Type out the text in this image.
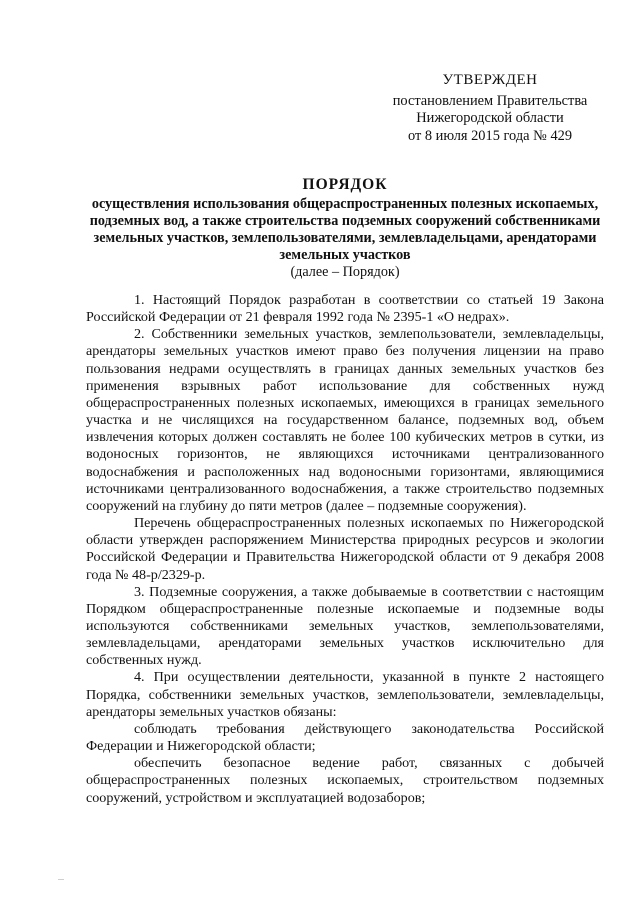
УТВЕРЖДЕН
постановлением Правительства
Нижегородской области
от 8 июля 2015 года № 429
ПОРЯДОК
осуществления использования общераспространенных полезных ископаемых, подземных вод, а также строительства подземных сооружений собственниками земельных участков, землепользователями, землевладельцами, арендаторами земельных участков
(далее – Порядок)

1. Настоящий Порядок разработан в соответствии со статьей 19 Закона Российской Федерации от 21 февраля 1992 года № 2395-1 «О недрах».

2. Собственники земельных участков, землепользователи, землевладельцы, арендаторы земельных участков имеют право без получения лицензии на право пользования недрами осуществлять в границах данных земельных участков без применения взрывных работ использование для собственных нужд общераспространенных полезных ископаемых, имеющихся в границах земельного участка и не числящихся на государственном балансе, подземных вод, объем извлечения которых должен составлять не более 100 кубических метров в сутки, из водоносных горизонтов, не являющихся источниками централизованного водоснабжения и расположенных над водоносными горизонтами, являющимися источниками централизованного водоснабжения, а также строительство подземных сооружений на глубину до пяти метров (далее – подземные сооружения).

Перечень общераспространенных полезных ископаемых по Нижегородской области утвержден распоряжением Министерства природных ресурсов и экологии Российской Федерации и Правительства Нижегородской области от 9 декабря 2008 года № 48-р/2329-р.

3. Подземные сооружения, а также добываемые в соответствии с настоящим Порядком общераспространенные полезные ископаемые и подземные воды используются собственниками земельных участков, землепользователями, землевладельцами, арендаторами земельных участков исключительно для собственных нужд.

4. При осуществлении деятельности, указанной в пункте 2 настоящего Порядка, собственники земельных участков, землепользователи, землевладельцы, арендаторы земельных участков обязаны:

соблюдать требования действующего законодательства Российской Федерации и Нижегородской области;

обеспечить безопасное ведение работ, связанных с добычей общераспространенных полезных ископаемых, строительством подземных сооружений, устройством и эксплуатацией водозаборов;
